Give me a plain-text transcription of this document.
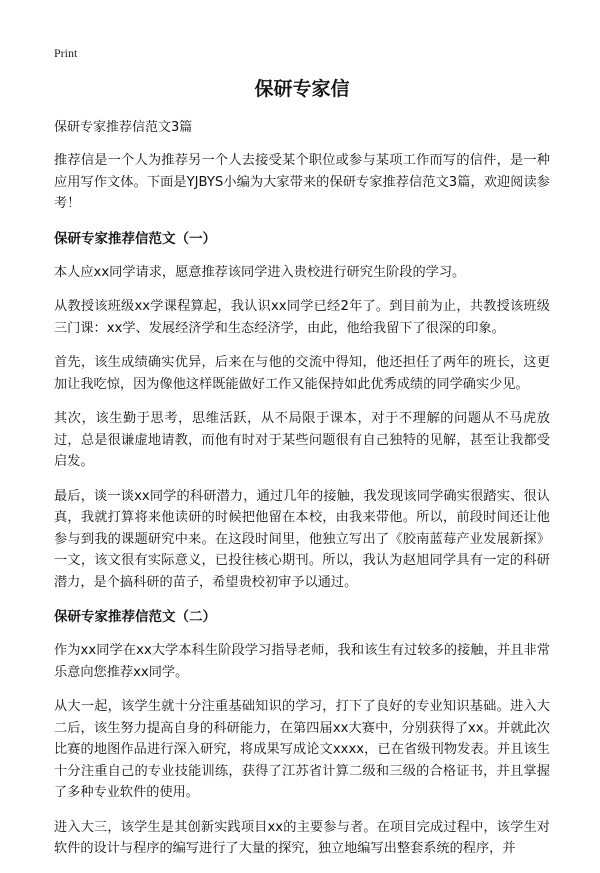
Print
保研专家信
保研专家推荐信范文3篇

推荐信是一个人为推荐另一个人去接受某个职位或参与某项工作而写的信件，是一种应用写作文体。下面是YJBYS小编为大家带来的保研专家推荐信范文3篇，欢迎阅读参考！

保研专家推荐信范文（一）

本人应xx同学请求，愿意推荐该同学进入贵校进行研究生阶段的学习。

从教授该班级xx学课程算起，我认识xx同学已经2年了。到目前为止，共教授该班级三门课：xx学、发展经济学和生态经济学，由此，他给我留下了很深的印象。

首先，该生成绩确实优异，后来在与他的交流中得知，他还担任了两年的班长，这更加让我吃惊，因为像他这样既能做好工作又能保持如此优秀成绩的同学确实少见。

其次，该生勤于思考，思维活跃，从不局限于课本，对于不理解的问题从不马虎放过，总是很谦虚地请教，而他有时对于某些问题很有自己独特的见解，甚至让我都受启发。

最后，谈一谈xx同学的科研潜力，通过几年的接触，我发现该同学确实很踏实、很认真，我就打算将来他读研的时候把他留在本校，由我来带他。所以，前段时间还让他参与到我的课题研究中来。在这段时间里，他独立写出了《胶南蓝莓产业发展新探》一文，该文很有实际意义，已投往核心期刊。所以，我认为赵旭同学具有一定的科研潜力，是个搞科研的苗子，希望贵校初审予以通过。

保研专家推荐信范文（二）

作为xx同学在xx大学本科生阶段学习指导老师，我和该生有过较多的接触，并且非常乐意向您推荐xx同学。

从大一起，该学生就十分注重基础知识的学习，打下了良好的专业知识基础。进入大二后，该生努力提高自身的科研能力，在第四届xx大赛中，分别获得了xx。并就此次比赛的地图作品进行深入研究，将成果写成论文xxxx，已在省级刊物发表。并且该生十分注重自己的专业技能训练，获得了江苏省计算二级和三级的合格证书，并且掌握了多种专业软件的使用。

进入大三，该学生是其创新实践项目xx的主要参与者。在项目完成过程中，该学生对软件的设计与程序的编写进行了大量的探究，独立地编写出整套系统的程序，并
